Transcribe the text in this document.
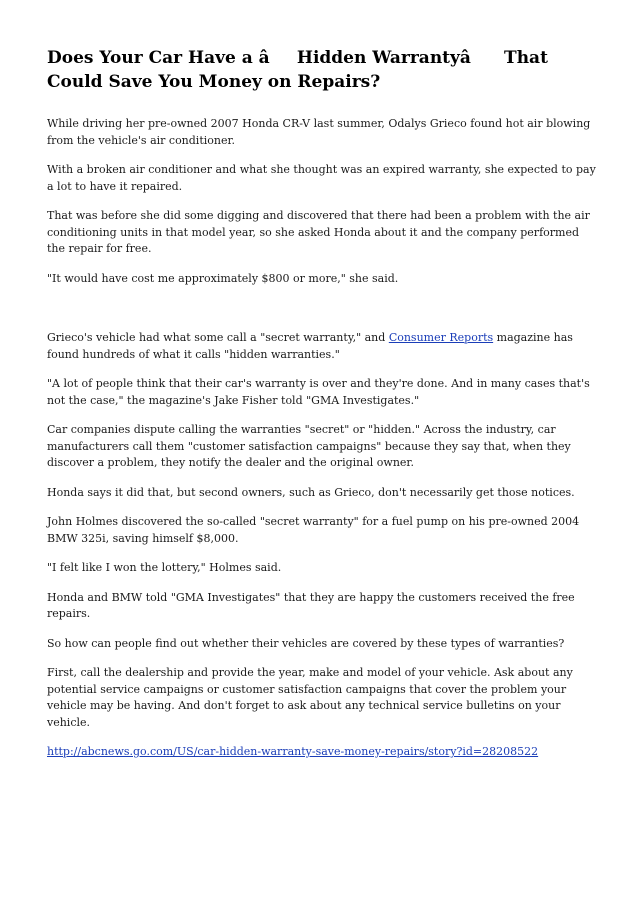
Does Your Car Have a âHidden Warrantyâ That Could Save You Money on Repairs?

While driving her pre-owned 2007 Honda CR-V last summer, Odalys Grieco found hot air blowing from the vehicle's air conditioner.

With a broken air conditioner and what she thought was an expired warranty, she expected to pay a lot to have it repaired.

That was before she did some digging and discovered that there had been a problem with the air conditioning units in that model year, so she asked Honda about it and the company performed the repair for free.

"It would have cost me approximately $800 or more," she said.

Grieco's vehicle had what some call a "secret warranty," and Consumer Reports magazine has found hundreds of what it calls "hidden warranties."

"A lot of people think that their car's warranty is over and they're done. And in many cases that's not the case," the magazine's Jake Fisher told "GMA Investigates."

Car companies dispute calling the warranties "secret" or "hidden." Across the industry, car manufacturers call them "customer satisfaction campaigns" because they say that, when they discover a problem, they notify the dealer and the original owner.

Honda says it did that, but second owners, such as Grieco, don't necessarily get those notices.

John Holmes discovered the so-called "secret warranty" for a fuel pump on his pre-owned 2004 BMW 325i, saving himself $8,000.

"I felt like I won the lottery," Holmes said.

Honda and BMW told "GMA Investigates" that they are happy the customers received the free repairs.

So how can people find out whether their vehicles are covered by these types of warranties?

First, call the dealership and provide the year, make and model of your vehicle. Ask about any potential service campaigns or customer satisfaction campaigns that cover the problem your vehicle may be having. And don't forget to ask about any technical service bulletins on your vehicle.

http://abcnews.go.com/US/car-hidden-warranty-save-money-repairs/story?id=28208522
